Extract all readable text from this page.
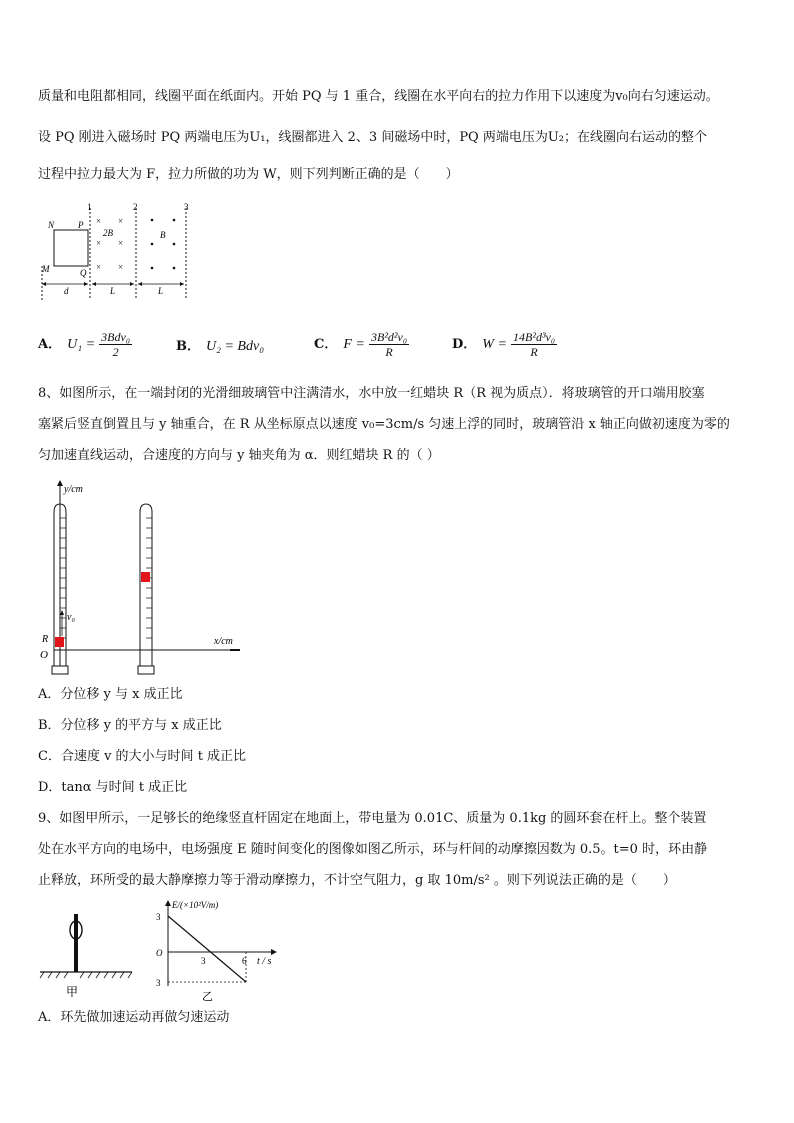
质量和电阻都相同，线圈平面在纸面内。开始 PQ 与 1 重合，线圈在水平向右的拉力作用下以速度为v₀向右匀速运动。
设 PQ 刚进入磁场时 PQ 两端电压为U₁，线圈都进入 2、3 间磁场中时，PQ 两端电压为U₂；在线圈向右运动的整个
过程中拉力最大为 F，拉力所做的功为 W，则下列判断正确的是（　　）
1	2	3
N	P
M	Q
× ×
× ×
× ×
2B	B
d	L	L
A． $U_1 = \frac{\text{3Bdv₀}}{2}$	B． U₂ = Bdv₀	C． $F = \frac{\text{3B²d²v₀}}{R}$	D． $W = \frac{\text{14B²d³v₀}}{R}$
8、如图所示，在一端封闭的光滑细玻璃管中注满清水，水中放一红蜡块 R（R 视为质点）．将玻璃管的开口端用胶塞
塞紧后竖直倒置且与 y 轴重合，在 R 从坐标原点以速度 v₀=3cm/s 匀速上浮的同时，玻璃管沿 x 轴正向做初速度为零的
匀加速直线运动，合速度的方向与 y 轴夹角为 α．则红蜡块 R 的（ ）
y/cm
x/cm
O
R
v₀
A．分位移 y 与 x 成正比
B．分位移 y 的平方与 x 成正比
C．合速度 v 的大小与时间 t 成正比
D．tanα 与时间 t 成正比
9、如图甲所示，一足够长的绝缘竖直杆固定在地面上，带电量为 0.01C、质量为 0.1kg 的圆环套在杆上。整个装置
处在水平方向的电场中，电场强度 E 随时间变化的图像如图乙所示，环与杆间的动摩擦因数为 0.5。t=0 时，环由静
止释放，环所受的最大静摩擦力等于滑动摩擦力，不计空气阻力，g 取 10m/s² 。则下列说法正确的是（　　）
甲
E/(×10²V/m)
t / s
O
3
3
3	6
乙
A．环先做加速运动再做匀速运动
